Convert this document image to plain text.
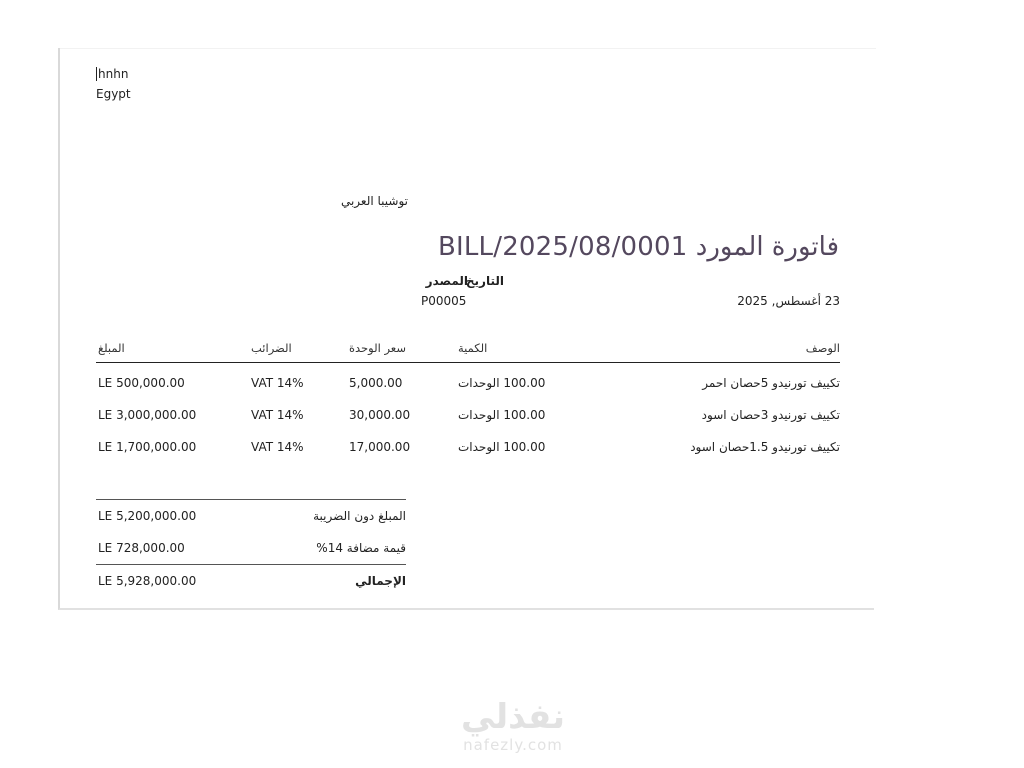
hnhn
Egypt
توشيبا العربي
فاتورة المورد BILL/2025/08/0001
التاريخ
23 أغسطس, 2025
المصدر
P00005
المبلغ	الضرائب	سعر الوحدة	الكمية	الوصف
LE 500,000.00	VAT 14%	5,000.00	100.00 الوحدات	تكييف تورنيدو 5حصان احمر
LE 3,000,000.00	VAT 14%	30,000.00	100.00 الوحدات	تكييف تورنيدو 3حصان اسود
LE 1,700,000.00	VAT 14%	17,000.00	100.00 الوحدات	تكييف تورنيدو 1.5حصان اسود
LE 5,200,000.00	المبلغ دون الضريبة
LE 728,000.00	قيمة مضافة 14%
LE 5,928,000.00	الإجمالي
نفذلي
nafezly.com
